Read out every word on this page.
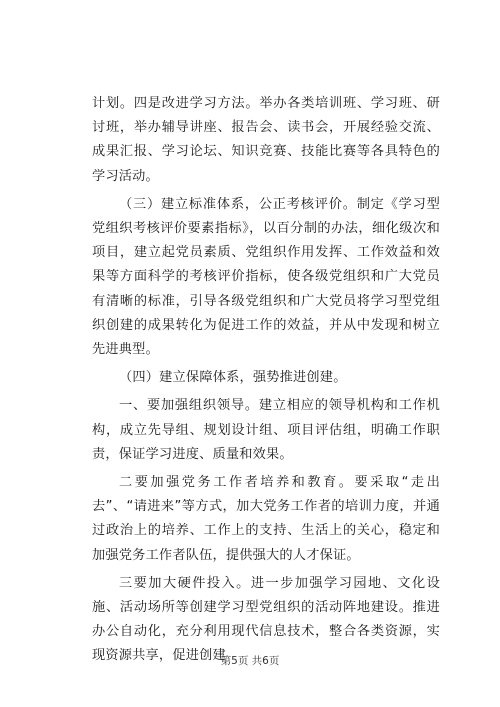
计划。四是改进学习方法。举办各类培训班、学习班、研讨班，举办辅导讲座、报告会、读书会，开展经验交流、成果汇报、学习论坛、知识竞赛、技能比赛等各具特色的学习活动。

（三）建立标准体系，公正考核评价。制定《学习型党组织考核评价要素指标》，以百分制的办法，细化级次和项目，建立起党员素质、党组织作用发挥、工作效益和效果等方面科学的考核评价指标，使各级党组织和广大党员有清晰的标准，引导各级党组织和广大党员将学习型党组织创建的成果转化为促进工作的效益，并从中发现和树立先进典型。

（四）建立保障体系，强势推进创建。

一、要加强组织领导。建立相应的领导机构和工作机构，成立先导组、规划设计组、项目评估组，明确工作职责，保证学习进度、质量和效果。

二要加强党务工作者培养和教育。要采取“走出去”、“请进来”等方式，加大党务工作者的培训力度，并通过政治上的培养、工作上的支持、生活上的关心，稳定和加强党务工作者队伍，提供强大的人才保证。

三要加大硬件投入。进一步加强学习园地、文化设施、活动场所等创建学习型党组织的活动阵地建设。推进办公自动化，充分利用现代信息技术，整合各类资源，实现资源共享，促进创建

第5页 共6页
